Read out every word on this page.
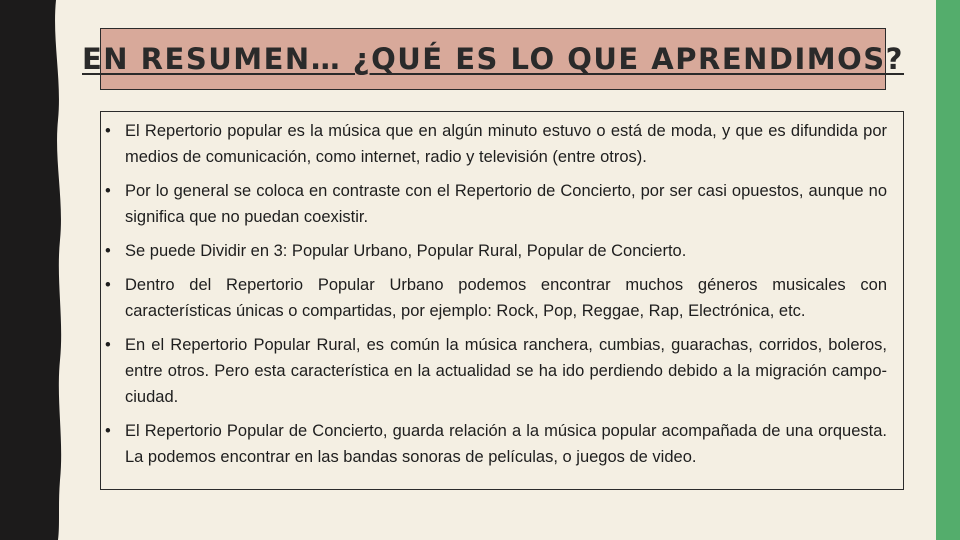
EN RESUMEN… ¿QUÉ ES LO QUE APRENDIMOS?
• El Repertorio popular es la música que en algún minuto estuvo o está de moda, y que es difundida por medios de comunicación, como internet, radio y televisión (entre otros).
• Por lo general se coloca en contraste con el Repertorio de Concierto, por ser casi opuestos, aunque no significa que no puedan coexistir.
• Se puede Dividir en 3: Popular Urbano, Popular Rural, Popular de Concierto.
• Dentro del Repertorio Popular Urbano podemos encontrar muchos géneros musicales con características únicas o compartidas, por ejemplo: Rock, Pop, Reggae, Rap, Electrónica, etc.
• En el Repertorio Popular Rural, es común la música ranchera, cumbias, guarachas, corridos, boleros, entre otros. Pero esta característica en la actualidad se ha ido perdiendo debido a la migración campo-ciudad.
• El Repertorio Popular de Concierto, guarda relación a la música popular acompañada de una orquesta. La podemos encontrar en las bandas sonoras de películas, o juegos de video.
